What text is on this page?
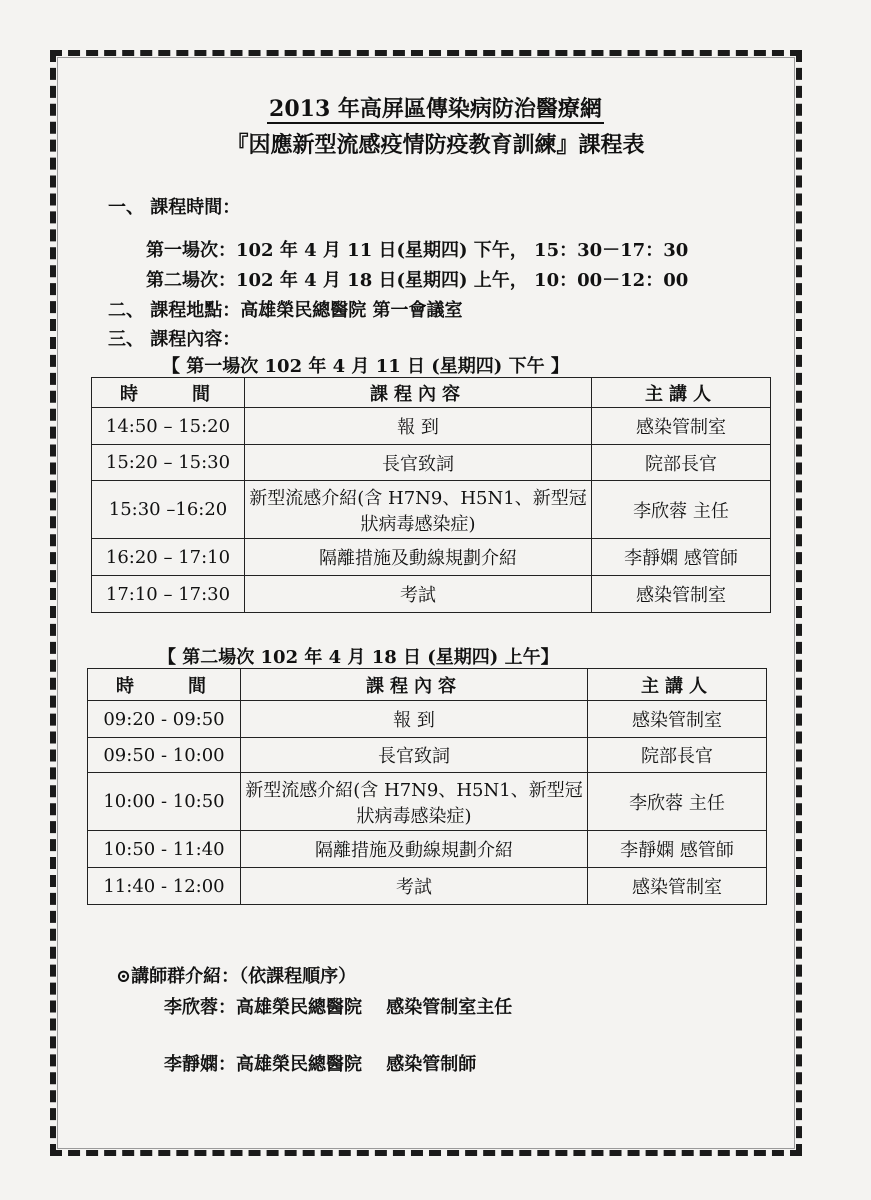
2013 年高屏區傳染病防治醫療網
『因應新型流感疫情防疫教育訓練』課程表
一、 課程時間：
第一場次：102 年 4 月 11 日(星期四) 下午， 15：30－17：30
第二場次：102 年 4 月 18 日(星期四) 上午， 10：00－12：00
二、 課程地點：高雄榮民總醫院 第一會議室
三、 課程內容：
【 第一場次 102 年 4 月 11 日 (星期四) 下午 】
時　　間	課程內容	主講人
14:50 – 15:20	報 到	感染管制室
15:20 – 15:30	長官致詞	院部長官
15:30 –16:20	新型流感介紹(含 H7N9、H5N1、新型冠狀病毒感染症)	李欣蓉 主任
16:20 – 17:10	隔離措施及動線規劃介紹	李靜嫻 感管師
17:10 – 17:30	考試	感染管制室
【 第二場次 102 年 4 月 18 日 (星期四) 上午】
時　　間	課程內容	主講人
09:20 - 09:50	報 到	感染管制室
09:50 - 10:00	長官致詞	院部長官
10:00 - 10:50	新型流感介紹(含 H7N9、H5N1、新型冠狀病毒感染症)	李欣蓉 主任
10:50 - 11:40	隔離措施及動線規劃介紹	李靜嫻 感管師
11:40 - 12:00	考試	感染管制室
⊙講師群介紹：（依課程順序）
李欣蓉：高雄榮民總醫院　 感染管制室主任
李靜嫻：高雄榮民總醫院　 感染管制師
